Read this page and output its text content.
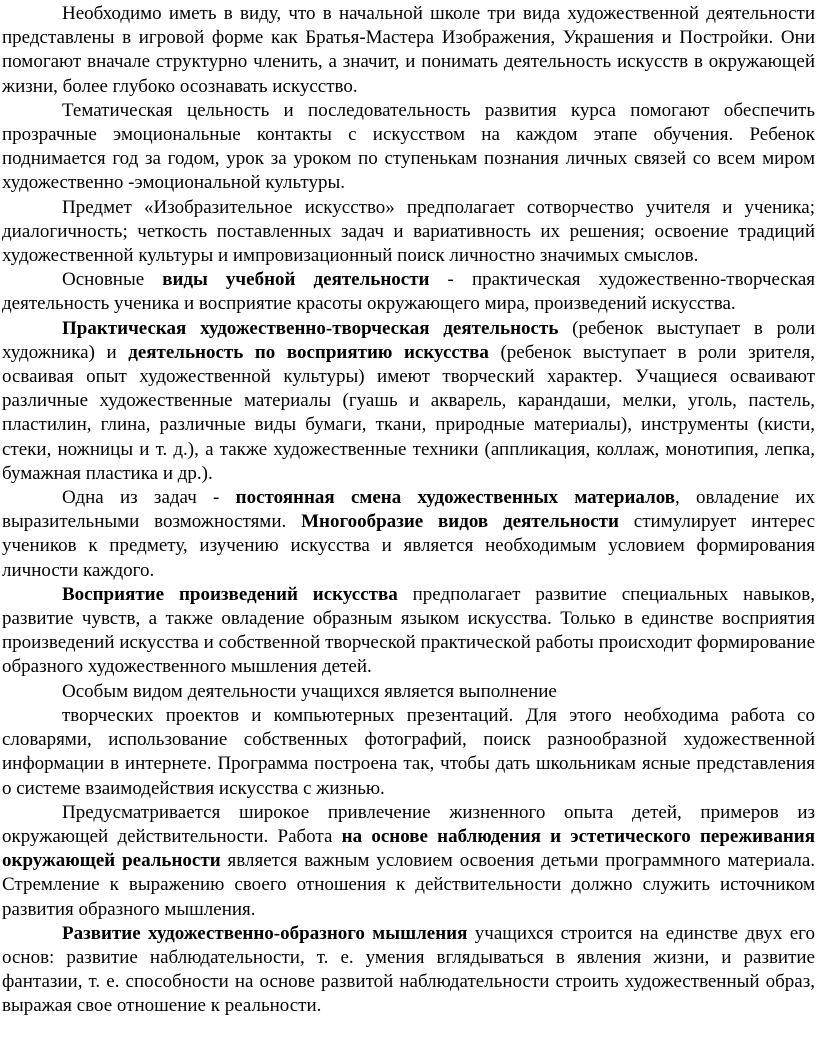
Необходимо иметь в виду, что в начальной школе три вида художественной деятельности представлены в игровой форме как Братья-Мастера Изображения, Украшения и Постройки. Они помогают вначале структурно членить, а значит, и понимать деятельность искусств в окружающей жизни, более глубоко осознавать искусство.

Тематическая цельность и последовательность развития курса помогают обеспечить прозрачные эмоциональные контакты с искусством на каждом этапе обучения. Ребенок поднимается год за годом, урок за уроком по ступенькам познания личных связей со всем миром художественно -эмоциональной культуры.

Предмет «Изобразительное искусство» предполагает сотворчество учителя и ученика; диалогичность; четкость поставленных задач и вариативность их решения; освоение традиций художественной культуры и импровизационный поиск личностно значимых смыслов.

Основные виды учебной деятельности - практическая художественно-творческая деятельность ученика и восприятие красоты окружающего мира, произведений искусства.

Практическая художественно-творческая деятельность (ребенок выступает в роли художника) и деятельность по восприятию искусства (ребенок выступает в роли зрителя, осваивая опыт художественной культуры) имеют творческий характер. Учащиеся осваивают различные художественные материалы (гуашь и акварель, карандаши, мелки, уголь, пастель, пластилин, глина, различные виды бумаги, ткани, природные материалы), инструменты (кисти, стеки, ножницы и т. д.), а также художественные техники (аппликация, коллаж, монотипия, лепка, бумажная пластика и др.).

Одна из задач - постоянная смена художественных материалов, овладение их выразительными возможностями. Многообразие видов деятельности стимулирует интерес учеников к предмету, изучению искусства и является необходимым условием формирования личности каждого.

Восприятие произведений искусства предполагает развитие специальных навыков, развитие чувств, а также овладение образным языком искусства. Только в единстве восприятия произведений искусства и собственной творческой практической работы происходит формирование образного художественного мышления детей.

Особым видом деятельности учащихся является выполнение

творческих проектов и компьютерных презентаций. Для этого необходима работа со словарями, использование собственных фотографий, поиск разнообразной художественной информации в интернете. Программа построена так, чтобы дать школьникам ясные представления о системе взаимодействия искусства с жизнью.

Предусматривается широкое привлечение жизненного опыта детей, примеров из окружающей действительности. Работа на основе наблюдения и эстетического переживания окружающей реальности является важным условием освоения детьми программного материала. Стремление к выражению своего отношения к действительности должно служить источником развития образного мышления.

Развитие художественно-образного мышления учащихся строится на единстве двух его основ: развитие наблюдательности, т. е. умения вглядываться в явления жизни, и развитие фантазии, т. е. способности на основе развитой наблюдательности строить художественный образ, выражая свое отношение к реальности.
